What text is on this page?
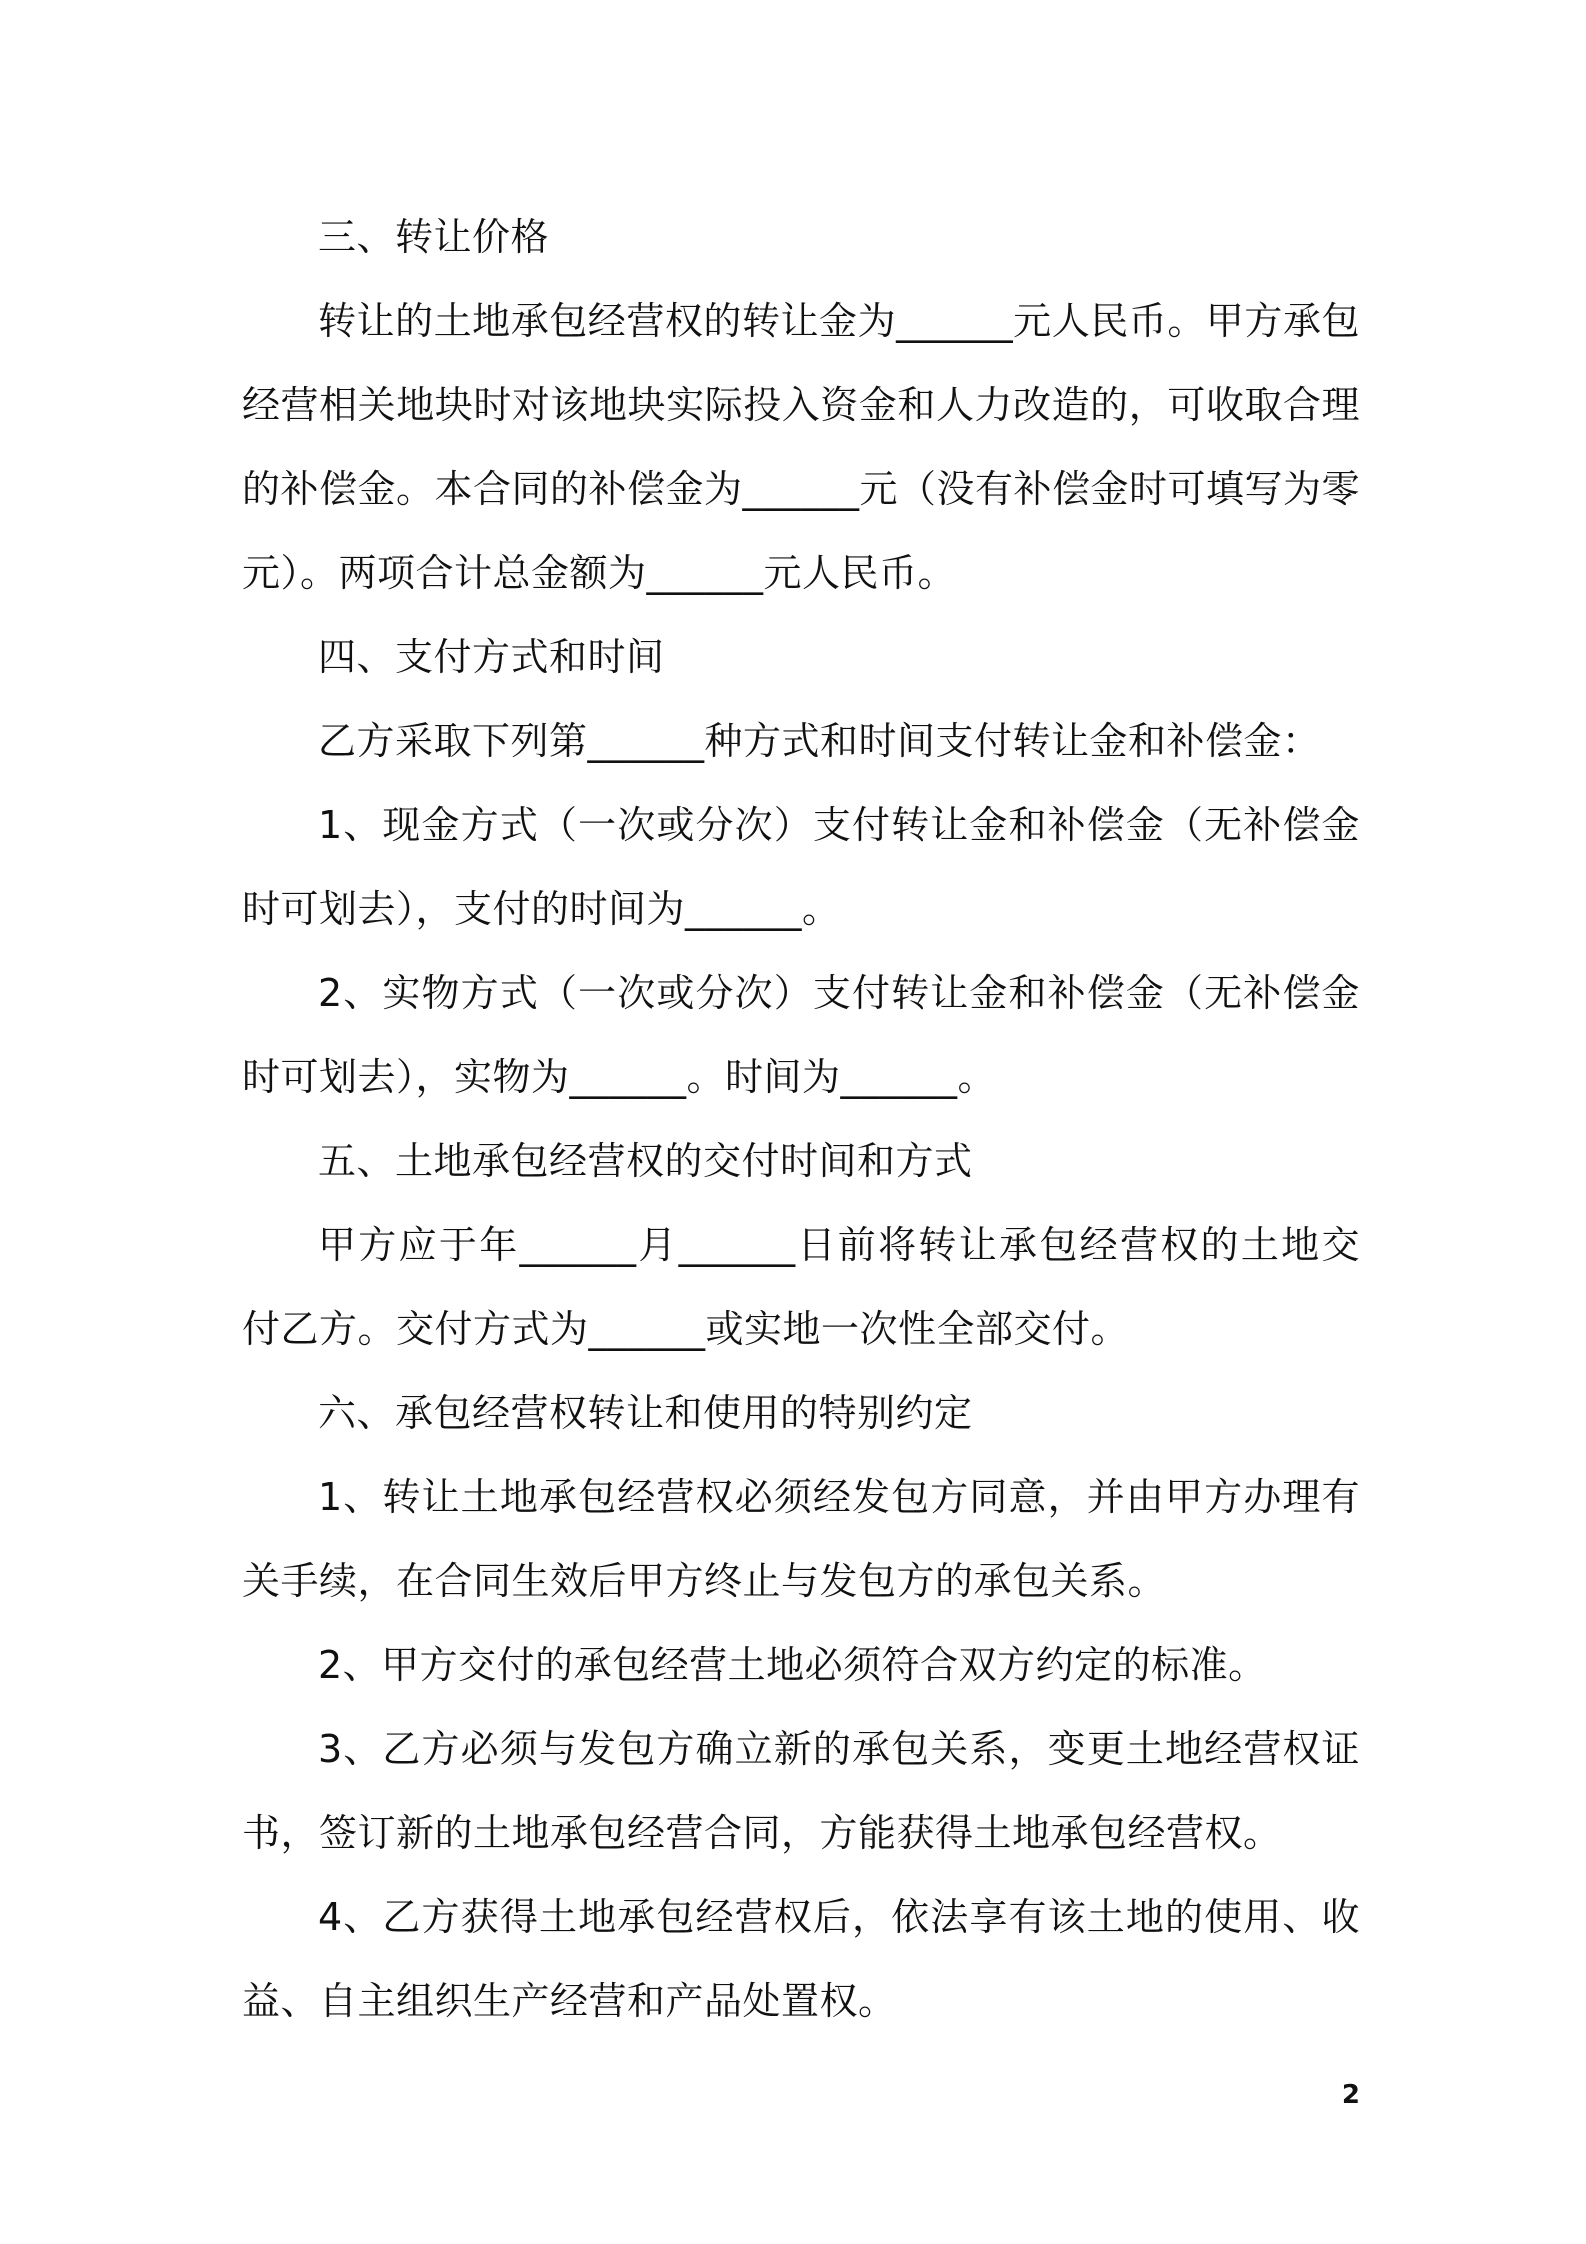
三、转让价格

转让的土地承包经营权的转让金为______元人民币。甲方承包经营相关地块时对该地块实际投入资金和人力改造的，可收取合理的补偿金。本合同的补偿金为______元（没有补偿金时可填写为零元）。两项合计总金额为______元人民币。

四、支付方式和时间

乙方采取下列第______种方式和时间支付转让金和补偿金：

1、现金方式（一次或分次）支付转让金和补偿金（无补偿金时可划去），支付的时间为______。

2、实物方式（一次或分次）支付转让金和补偿金（无补偿金时可划去），实物为______。时间为______。

五、土地承包经营权的交付时间和方式

甲方应于年______月______日前将转让承包经营权的土地交付乙方。交付方式为______或实地一次性全部交付。

六、承包经营权转让和使用的特别约定

1、转让土地承包经营权必须经发包方同意，并由甲方办理有关手续，在合同生效后甲方终止与发包方的承包关系。

2、甲方交付的承包经营土地必须符合双方约定的标准。

3、乙方必须与发包方确立新的承包关系，变更土地经营权证书，签订新的土地承包经营合同，方能获得土地承包经营权。

4、乙方获得土地承包经营权后，依法享有该土地的使用、收益、自主组织生产经营和产品处置权。

2
